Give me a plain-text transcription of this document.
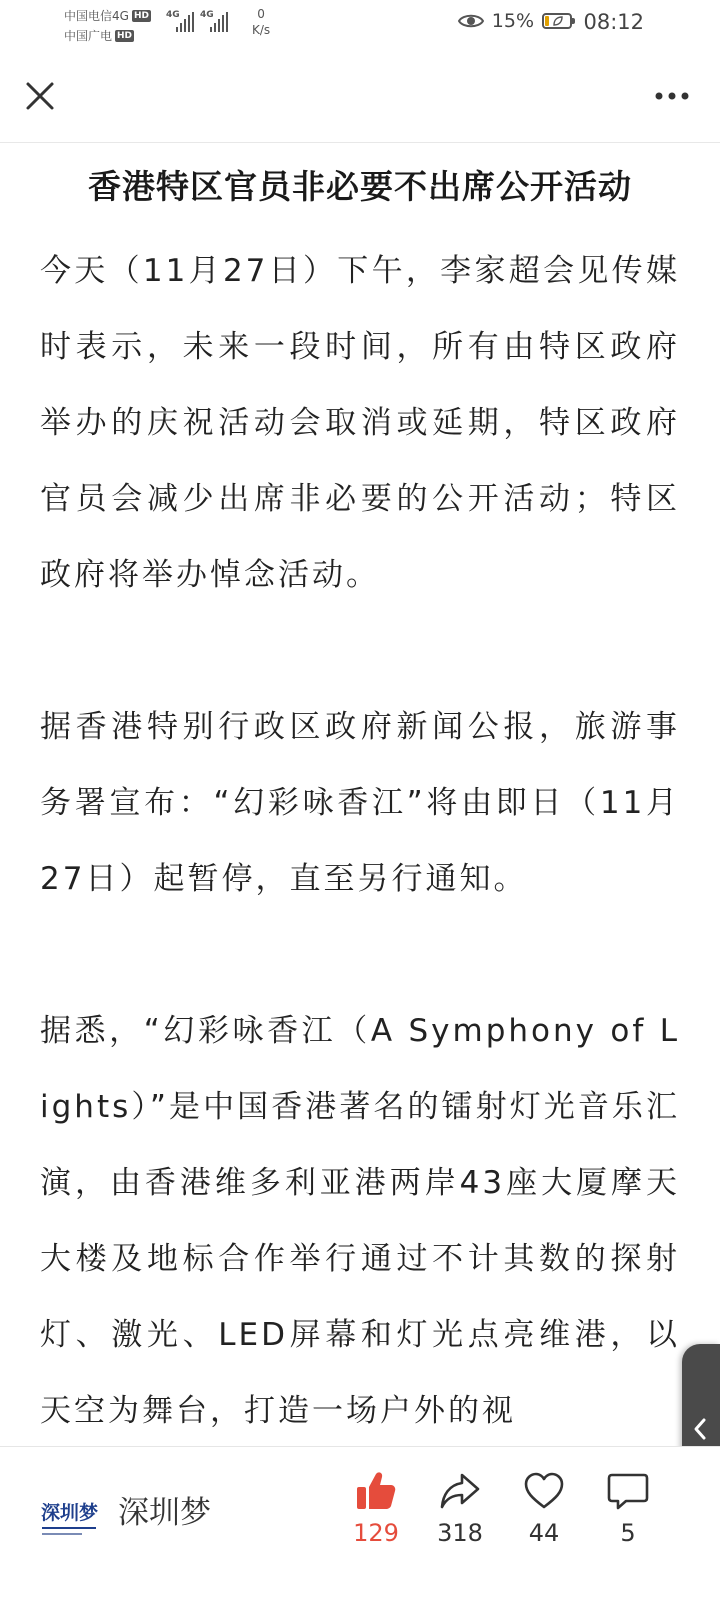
中国电信4G HD
中国广电 HD
4G 4G	0
K/s	15% 08:12
香港特区官员非必要不出席公开活动

今天（11月27日）下午，李家超会见传媒时表示，未来一段时间，所有由特区政府举办的庆祝活动会取消或延期，特区政府官员会减少出席非必要的公开活动；特区政府将举办悼念活动。

据香港特别行政区政府新闻公报，旅游事务署宣布：“幻彩咏香江”将由即日（11月27日）起暂停，直至另行通知。

据悉，“幻彩咏香江（A Symphony of Lights）”是中国香港著名的镭射灯光音乐汇演，由香港维多利亚港两岸43座大厦摩天大楼及地标合作举行通过不计其数的探射灯、激光、LED屏幕和灯光点亮维港，以天空为舞台，打造一场户外的视

深圳梦 深圳梦
129	318	44	5
